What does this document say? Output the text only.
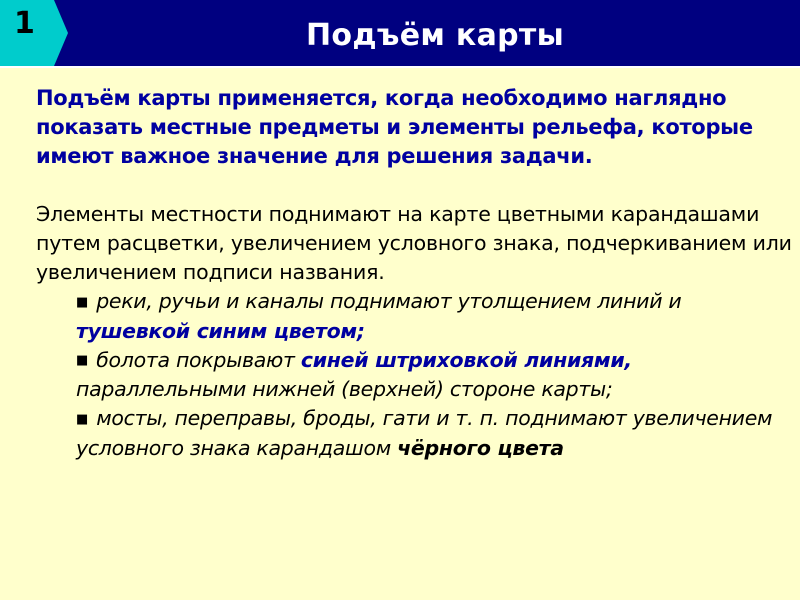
1	Подъём карты

Подъём карты применяется, когда необходимо наглядно показать местные предметы и элементы рельефа, которые имеют важное значение для решения задачи.

Элементы местности поднимают на карте цветными карандашами путем расцветки, увеличением условного знака, подчеркиванием или увеличением подписи названия.

■ реки, ручьи и каналы поднимают утолщением линий и тушевкой синим цветом;
■ болота покрывают синей штриховкой линиями, параллельными нижней (верхней) стороне карты;
■ мосты, переправы, броды, гати и т. п. поднимают увеличением условного знака карандашом чёрного цвета
